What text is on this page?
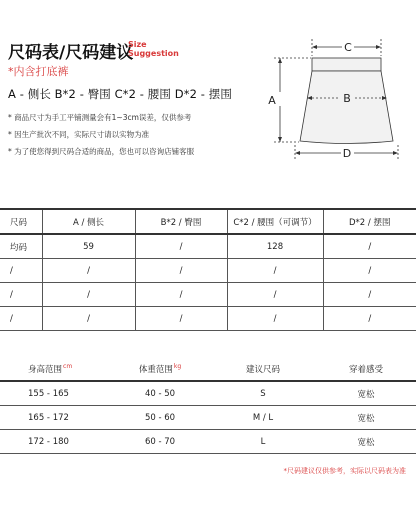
尺码表/尺码建议
Size
Suggestion
*内含打底裤
A - 侧长 B*2 - 臀围 C*2 - 腰围 D*2 - 摆围
* 商品尺寸为手工平铺测量会有1~3cm误差，仅供参考
* 因生产批次不同，实际尺寸请以实物为准
* 为了使您得到尺码合适的商品，您也可以咨询店铺客服
C
B
A
D
尺码	A / 侧长	B*2 / 臀围	C*2 / 腰围（可调节）	D*2 / 摆围
均码	59	/	128	/
/	/	/	/	/
/	/	/	/	/
/	/	/	/	/
身高范围$^{cm}$	体重范围$^{kg}$	建议尺码	穿着感受
155 - 165	40 - 50	S	宽松
165 - 172	50 - 60	M / L	宽松
172 - 180	60 - 70	L	宽松
*尺码建议仅供参考，实际以尺码表为准
